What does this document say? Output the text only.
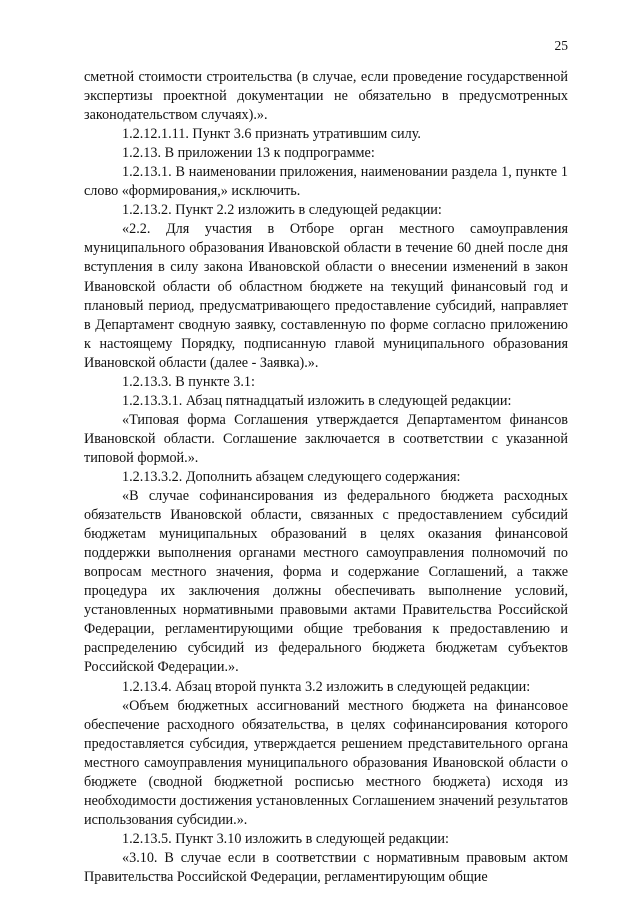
25

сметной стоимости строительства (в случае, если проведение государственной экспертизы проектной документации не обязательно в предусмотренных законодательством случаях).».

1.2.12.1.11. Пункт 3.6 признать утратившим силу.

1.2.13. В приложении 13 к подпрограмме:

1.2.13.1. В наименовании приложения, наименовании раздела 1, пункте 1 слово «формирования,» исключить.

1.2.13.2. Пункт 2.2 изложить в следующей редакции:

«2.2. Для участия в Отборе орган местного самоуправления муниципального образования Ивановской области в течение 60 дней после дня вступления в силу закона Ивановской области о внесении изменений в закон Ивановской области об областном бюджете на текущий финансовый год и плановый период, предусматривающего предоставление субсидий, направляет в Департамент сводную заявку, составленную по форме согласно приложению к настоящему Порядку, подписанную главой муниципального образования Ивановской области (далее - Заявка).».

1.2.13.3. В пункте 3.1:

1.2.13.3.1. Абзац пятнадцатый изложить в следующей редакции:

«Типовая форма Соглашения утверждается Департаментом финансов Ивановской области. Соглашение заключается в соответствии с указанной типовой формой.».

1.2.13.3.2. Дополнить абзацем следующего содержания:

«В случае софинансирования из федерального бюджета расходных обязательств Ивановской области, связанных с предоставлением субсидий бюджетам муниципальных образований в целях оказания финансовой поддержки выполнения органами местного самоуправления полномочий по вопросам местного значения, форма и содержание Соглашений, а также процедура их заключения должны обеспечивать выполнение условий, установленных нормативными правовыми актами Правительства Российской Федерации, регламентирующими общие требования к предоставлению и распределению субсидий из федерального бюджета бюджетам субъектов Российской Федерации.».

1.2.13.4. Абзац второй пункта 3.2 изложить в следующей редакции:

«Объем бюджетных ассигнований местного бюджета на финансовое обеспечение расходного обязательства, в целях софинансирования которого предоставляется субсидия, утверждается решением представительного органа местного самоуправления муниципального образования Ивановской области о бюджете (сводной бюджетной росписью местного бюджета) исходя из необходимости достижения установленных Соглашением значений результатов использования субсидии.».

1.2.13.5. Пункт 3.10 изложить в следующей редакции:

«3.10. В случае если в соответствии с нормативным правовым актом Правительства Российской Федерации, регламентирующим общие
